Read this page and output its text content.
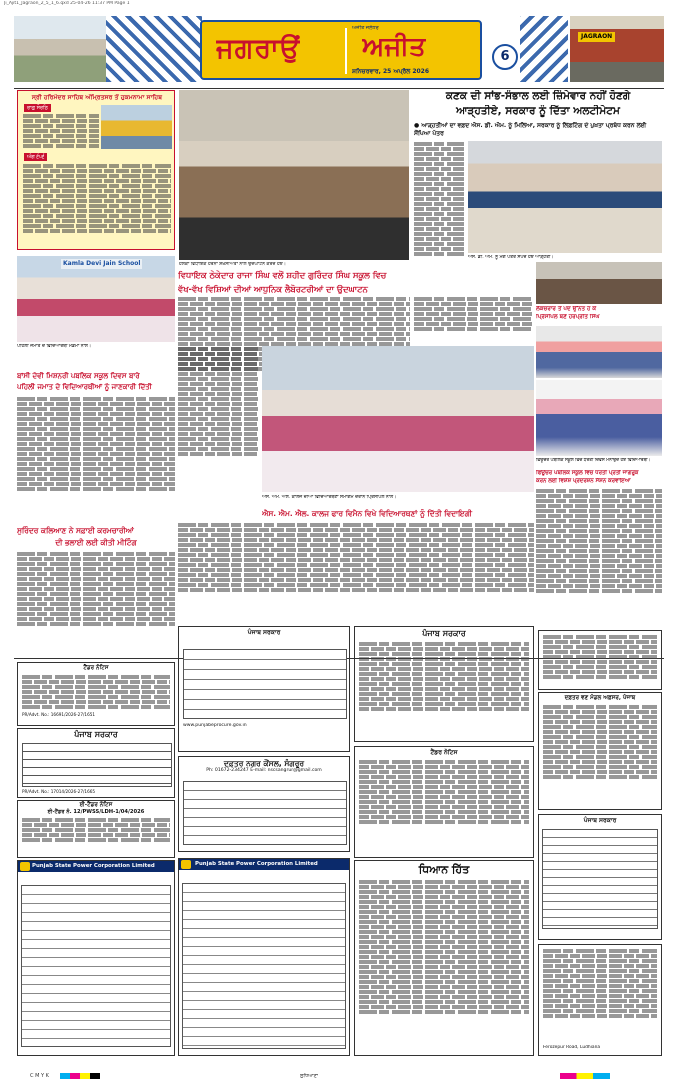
Ji_Ajit1_Jagraon_2_5_1_6.qxd 25-04-26 11:37 PM Page 1
ਜਗਰਾਉਂ
ਅਜੀਤ ਜਲੰਧਰ
ਅਜੀਤ
ਸ਼ਨਿਚਰਵਾਰ, 25 ਅਪ੍ਰੈਲ 2026
6
JAGRAON
ਸ੍ਰੀ ਹਰਿਮੰਦਰ ਸਾਹਿਬ ਅੰਮ੍ਰਿਤਸਰ ਤੋਂ ਹੁਕਮਨਾਮਾ ਸਾਹਿਬ
ਰਾਗੁ ਸੋਰਠਿ
ਅੰਗ ੬੫੬
ਹਲਕਾ ਵਿਧਾਇਕ ਹੋਰਨਾਂ ਸ਼ਖ਼ਸੀਅਤਾਂ ਨਾਲ ਉਦਘਾਟਨ ਕਰਦੇ ਹੋਏ।
ਕਣਕ ਦੀ ਸਾਂਭ-ਸੰਭਾਲ ਲਈ ਜ਼ਿੰਮੇਵਾਰ ਨਹੀਂ ਹੋਣਗੇ
ਆੜ੍ਹਤੀਏ, ਸਰਕਾਰ ਨੂੰ ਦਿੱਤਾ ਅਲਟੀਮੇਟਮ
● ਆੜ੍ਹਤੀਆਂ ਦਾ ਵਫ਼ਦ ਐਸ. ਡੀ. ਐਮ. ਨੂੰ ਮਿਲਿਆ, ਸਰਕਾਰ ਨੂੰ ਲਿਫ਼ਟਿੰਗ ਦੇ ਪੁਖ਼ਤਾ ਪ੍ਰਬੰਧ ਕਰਨ ਲਈ ਸੌਂਪਿਆ ਪੱਤਰ
ਐਸ. ਡੀ. ਐਮ. ਨੂੰ ਮੰਗ ਪੱਤਰ ਸੌਂਪਦੇ ਹੋਏ ਆੜ੍ਹਤੀ।
ਵਿਧਾਇਕ ਠੇਕੇਦਾਰ ਰਾਜਾ ਸਿੰਘ ਵਲੋਂ ਸ਼ਹੀਦ ਗੁਰਿੰਦਰ ਸਿੰਘ ਸਕੂਲ ਵਿਚ
ਵੱਖ-ਵੱਖ ਵਿਸ਼ਿਆਂ ਦੀਆਂ ਆਧੁਨਿਕ ਲੈਬੋਰਟਰੀਆਂ ਦਾ ਉਦਘਾਟਨ
Kamla Devi Jain School
ਪਹਿਲੀ ਜਮਾਤ ਦੇ ਵਿਦਿਆਰਥੀ ਮੈਡਮਾਂ ਨਾਲ।
ਬਾਂਸੀ ਦੇਵੀ ਮਿਸ਼ਨਰੀ ਪਬਲਿਕ ਸਕੂਲ ਦਿਵਸ ਬਾਰੇ
ਪਹਿਲੀ ਜਮਾਤ ਦੇ ਵਿਦਿਆਰਥੀਆਂ ਨੂੰ ਜਾਣਕਾਰੀ ਦਿੱਤੀ
ਲੈਕਚਰਾਰ ਤੋਂ ਪਦ ਉੱਨਤ ਹੋ ਕੇ
ਪ੍ਰਿੰਸੀਪਲ ਬਣੇ ਹਰਪ੍ਰੀਤ ਸਿੰਘ
ਐਸ. ਐਮ. ਐਲ. ਕਾਲਜ ਦੀਆਂ ਵਿਦਿਆਰਥਣਾਂ ਸਮਾਗਮ ਦੌਰਾਨ ਪ੍ਰਿੰਸੀਪਲ ਨਾਲ।
ਫਿਊਚਰ ਪਬਲਿਕ ਸਕੂਲ ਵਿਚ ਧਰਤੀ ਦਿਵਸ ਮਨਾਉਂਦੇ ਹੋਏ ਵਿਦਿਆਰਥੀ।
ਫਿਊਚਰ ਪਬਲਿਕ ਸਕੂਲ ਵਿਚ ਧਰਤੀ ਪ੍ਰਤੀ ਜਾਗਰੂਕ
ਕਰਨ ਲਈ ਵਿਸ਼ੇਸ਼ ਪ੍ਰਦਰਸ਼ਨ ਸੈਸ਼ਨ ਕਰਵਾਇਆ
ਐਸ. ਐਮ. ਐਲ. ਕਾਲਜ ਫਾਰ ਵਿਮੈਨ ਵਿਖੇ ਵਿਦਿਆਰਥਣਾਂ ਨੂੰ ਦਿੱਤੀ ਵਿਦਾਇਗੀ
ਸੁਰਿੰਦਰ ਕਲਿਆਣ ਨੇ ਸਫ਼ਾਈ ਕਰਮਚਾਰੀਆਂ
ਦੀ ਭਲਾਈ ਲਈ ਕੀਤੀ ਮੀਟਿੰਗ
ਟੈਂਡਰ ਨੋਟਿਸ
PR/Advt. No.: 16691/2026-27/1651
ਪੰਜਾਬ ਸਰਕਾਰ
PR/Advt. No.: 17014/2026-27/1665
ਈ-ਟੈਂਡਰ ਨੋਟਿਸ
ਈ-ਟੈਂਡਰ ਨੰ. 12/PWSS/LDH-1/04/2026
Punjab State Power Corporation Limited
ਪੰਜਾਬ ਸਰਕਾਰ
www.punjabeprocure.gov.in
ਦਫ਼ਤਰ ਨਗਰ ਕੌਂਸਲ, ਸੰਗਰੂਰ
Ph: 01672-234247 E-mail: nscsangrur@gmail.com
Punjab State Power Corporation Limited
ਪੰਜਾਬ ਸਰਕਾਰ
ਟੈਂਡਰ ਨੋਟਿਸ
ਧਿਆਨ ਹਿੱਤ
ਦਫ਼ਤਰ ਵਣ ਮੰਡਲ ਅਫ਼ਸਰ, ਪੰਜਾਬ
ਪੰਜਾਬ ਸਰਕਾਰ
Ferozepur Road, Ludhiana
C M Y K	ਲੁਧਿਆਣਾ
